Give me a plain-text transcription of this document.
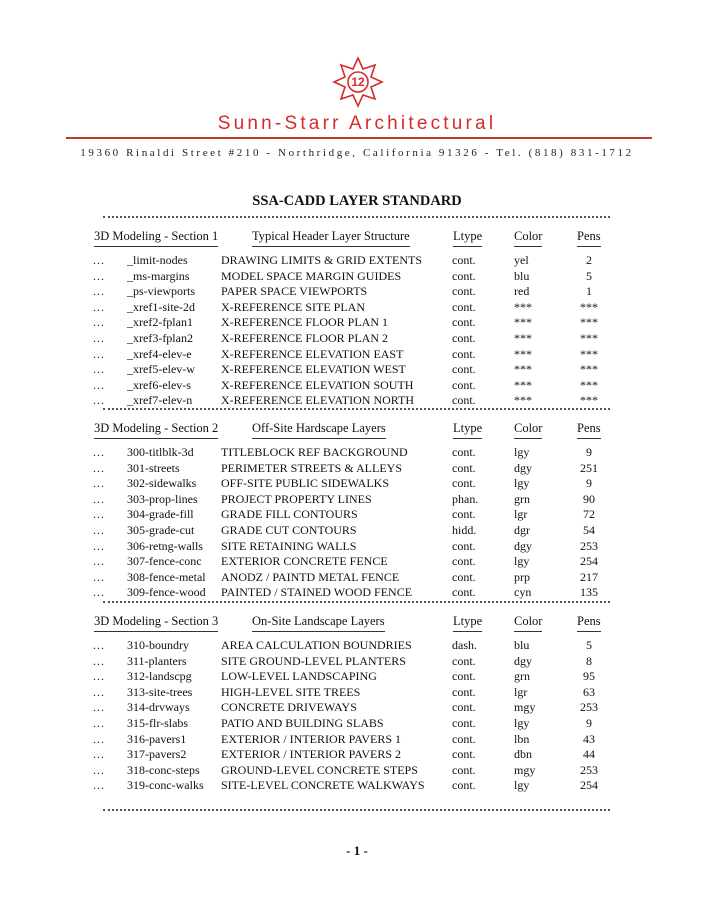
12
Sunn-Starr Architectural
19360 Rinaldi Street #210 - Northridge, California 91326 - Tel. (818) 831-1712
SSA-CADD LAYER STANDARD
3D Modeling - Section 1	Typical Header Layer Structure	Ltype	Color	Pens
... _limit-nodes	DRAWING LIMITS & GRID EXTENTS cont.	yel	2
... _ms-margins	MODEL SPACE MARGIN GUIDES	cont.	blu	5
... _ps-viewports PAPER SPACE VIEWPORTS	cont.	red	1
... _xref1-site-2d X-REFERENCE SITE PLAN	cont.	***	***
... _xref2-fplan1 X-REFERENCE FLOOR PLAN 1	cont.	***	***
... _xref3-fplan2 X-REFERENCE FLOOR PLAN 2	cont.	***	***
... _xref4-elev-e X-REFERENCE ELEVATION EAST	cont.	***	***
... _xref5-elev-w X-REFERENCE ELEVATION WEST	cont.	***	***
... _xref6-elev-s	X-REFERENCE ELEVATION SOUTH	cont.	***	***
... _xref7-elev-n X-REFERENCE ELEVATION NORTH	cont.	***	***
3D Modeling - Section 2	Off-Site Hardscape Layers	Ltype	Color	Pens
... 300-titlblk-3d TITLEBLOCK REF BACKGROUND	cont.	lgy	9
... 301-streets	PERIMETER STREETS & ALLEYS	cont.	dgy	251
... 302-sidewalks OFF-SITE PUBLIC SIDEWALKS	cont.	lgy	9
... 303-prop-lines PROJECT PROPERTY LINES	phan.	grn	90
... 304-grade-fill GRADE FILL CONTOURS	cont.	lgr	72
... 305-grade-cut GRADE CUT CONTOURS	hidd.	dgr	54
... 306-retng-walls SITE RETAINING WALLS	cont.	dgy	253
... 307-fence-conc EXTERIOR CONCRETE FENCE	cont.	lgy	254
... 308-fence-metal ANODZ / PAINTD METAL FENCE	cont.	prp	217
... 309-fence-wood PAINTED / STAINED WOOD FENCE	cont.	cyn	135
3D Modeling - Section 3	On-Site Landscape Layers	Ltype	Color	Pens
... 310-boundry	AREA CALCULATION BOUNDRIES	dash.	blu	5
... 311-planters	SITE GROUND-LEVEL PLANTERS	cont.	dgy	8
... 312-landscpg LOW-LEVEL LANDSCAPING	cont.	grn	95
... 313-site-trees HIGH-LEVEL SITE TREES	cont.	lgr	63
... 314-drvways	CONCRETE DRIVEWAYS	cont.	mgy	253
... 315-flr-slabs	PATIO AND BUILDING SLABS	cont.	lgy	9
... 316-pavers1	EXTERIOR / INTERIOR PAVERS 1	cont.	lbn	43
... 317-pavers2	EXTERIOR / INTERIOR PAVERS 2	cont.	dbn	44
... 318-conc-steps GROUND-LEVEL CONCRETE STEPS	cont.	mgy	253
... 319-conc-walks SITE-LEVEL CONCRETE WALKWAYS cont.	lgy	254
- 1 -
